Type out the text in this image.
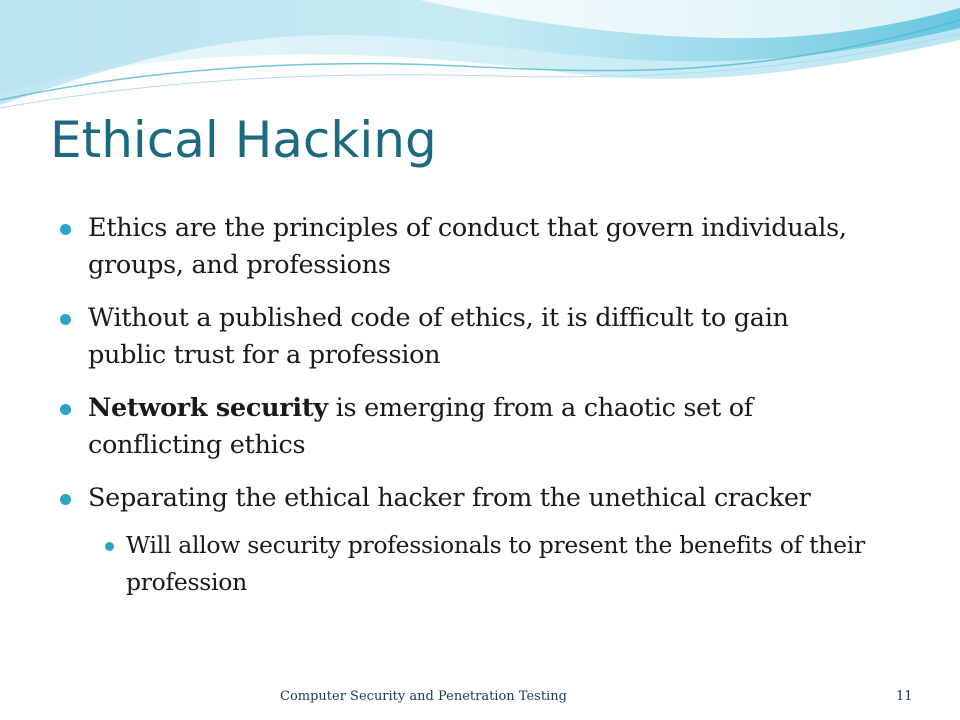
Ethical Hacking
Ethics are the principles of conduct that govern individuals, groups, and professions
Without a published code of ethics, it is difficult to gain public trust for a profession
Network security is emerging from a chaotic set of conflicting ethics
Separating the ethical hacker from the unethical cracker
Will allow security professionals to present the benefits of their profession
Computer Security and Penetration Testing	11
